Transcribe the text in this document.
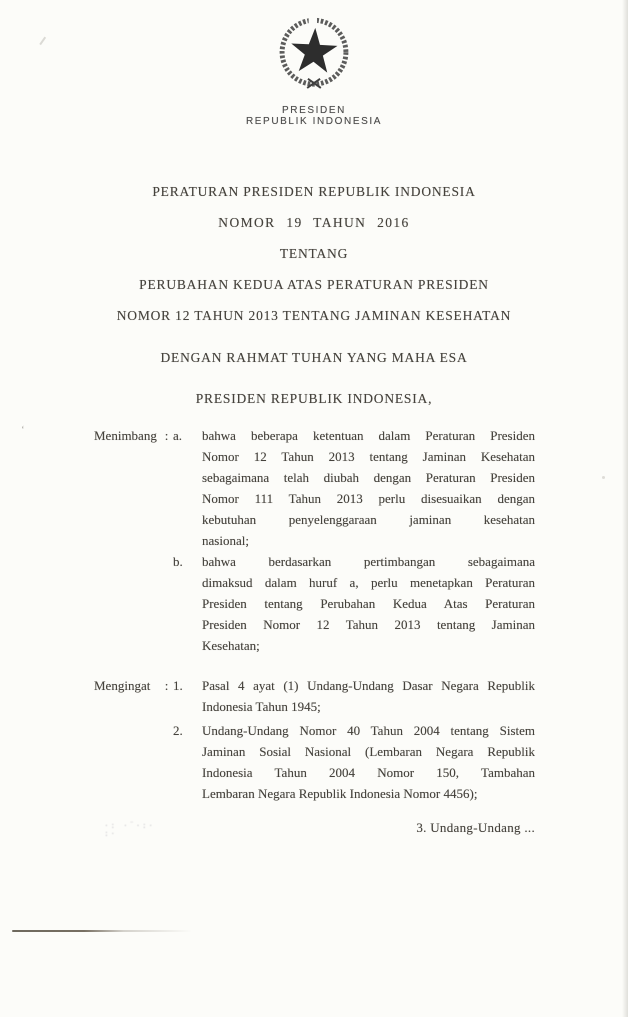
PRESIDEN
REPUBLIK INDONESIA
PERATURAN PRESIDEN REPUBLIK INDONESIA
NOMOR 19 TAHUN 2016
TENTANG
PERUBAHAN KEDUA ATAS PERATURAN PRESIDEN
NOMOR 12 TAHUN 2013 TENTANG JAMINAN KESEHATAN
DENGAN RAHMAT TUHAN YANG MAHA ESA
PRESIDEN REPUBLIK INDONESIA,
Menimbang : a.	bahwa beberapa ketentuan dalam Peraturan Presiden
Nomor 12 Tahun 2013 tentang Jaminan Kesehatan
sebagaimana telah diubah dengan Peraturan Presiden
Nomor 111 Tahun 2013 perlu disesuaikan dengan
kebutuhan penyelenggaraan jaminan kesehatan
nasional;
b.	bahwa berdasarkan pertimbangan sebagaimana
dimaksud dalam huruf a, perlu menetapkan Peraturan
Presiden tentang Perubahan Kedua Atas Peraturan
Presiden Nomor 12 Tahun 2013 tentang Jaminan
Kesehatan;
Mengingat	: 1.	Pasal 4 ayat (1) Undang-Undang Dasar Negara Republik
Indonesia Tahun 1945;
2.	Undang-Undang Nomor 40 Tahun 2004 tentang Sistem
Jaminan Sosial Nasional (Lembaran Negara Republik
Indonesia Tahun 2004 Nomor 150, Tambahan
Lembaran Negara Republik Indonesia Nomor 4456);
3. Undang-Undang ...
·: ·¨·:· :·
‘
